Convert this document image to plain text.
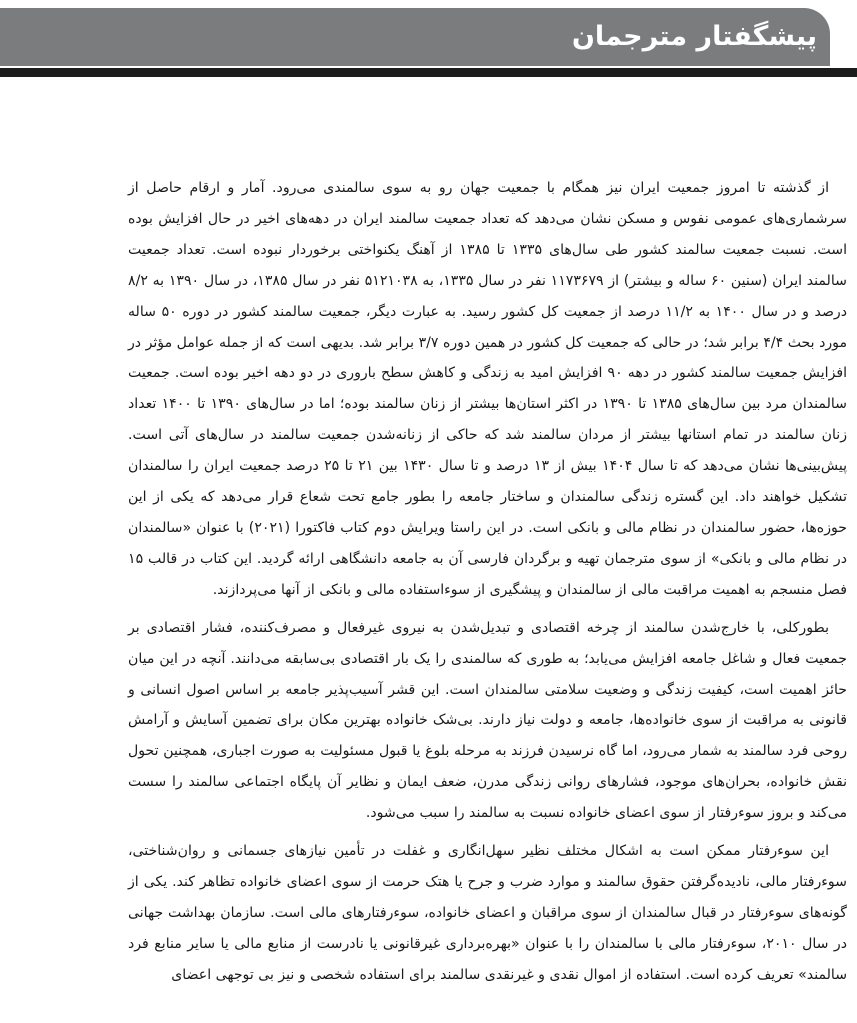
پیشگفتار مترجمان

از گذشته تا امروز جمعیت ایران نیز همگام با جمعیت جهان رو به سوی سالمندی می‌رود. آمار و ارقام حاصل از سرشماری‌های عمومی نفوس و مسکن نشان می‌دهد که تعداد جمعیت سالمند ایران در دهه‌های اخیر در حال افزایش بوده است. نسبت جمعیت سالمند کشور طی سال‌های ۱۳۳۵ تا ۱۳۸۵ از آهنگ یکنواختی برخوردار نبوده است. تعداد جمعیت سالمند ایران (سنین ۶۰ ساله و بیشتر) از ۱۱۷۳۶۷۹ نفر در سال ۱۳۳۵، به ۵۱۲۱۰۳۸ نفر در سال ۱۳۸۵، در سال ۱۳۹۰ به ۸/۲ درصد و در سال ۱۴۰۰ به ۱۱/۲ درصد از جمعیت کل کشور رسید. به عبارت دیگر، جمعیت سالمند کشور در دوره ۵۰ ساله مورد بحث ۴/۴ برابر شد؛ در حالی که جمعیت کل کشور در همین دوره ۳/۷ برابر شد. بدیهی است که از جمله عوامل مؤثر در افزایش جمعیت سالمند کشور در دهه ۹۰ افزایش امید به زندگی و کاهش سطح باروری در دو دهه اخیر بوده است. جمعیت سالمندان مرد بین سال‌های ۱۳۸۵ تا ۱۳۹۰ در اکثر استان‌ها بیشتر از زنان سالمند بوده؛ اما در سال‌های ۱۳۹۰ تا ۱۴۰۰ تعداد زنان سالمند در تمام استانها بیشتر از مردان سالمند شد که حاکی از زنانه‌شدن جمعیت سالمند در سال‌های آتی است. پیش‌بینی‌ها نشان می‌دهد که تا سال ۱۴۰۴ بیش از ۱۳ درصد و تا سال ۱۴۳۰ بین ۲۱ تا ۲۵ درصد جمعیت ایران را سالمندان تشکیل خواهند داد. این گستره زندگی سالمندان و ساختار جامعه را بطور جامع تحت شعاع قرار می‌دهد که یکی از این حوزه‌ها، حضور سالمندان در نظام مالی و بانکی است. در این راستا ویرایش دوم کتاب فاکتورا (۲۰۲۱) با عنوان «سالمندان در نظام مالی و بانکی» از سوی مترجمان تهیه و برگردان فارسی آن به جامعه دانشگاهی ارائه گردید. این کتاب در قالب ۱۵ فصل منسجم به اهمیت مراقبت مالی از سالمندان و پیشگیری از سوءاستفاده مالی و بانکی از آنها می‌پردازند.

بطورکلی، با خارج‌شدن سالمند از چرخه اقتصادی و تبدیل‌شدن به نیروی غیرفعال و مصرف‌کننده، فشار اقتصادی بر جمعیت فعال و شاغل جامعه افزایش می‌یابد؛ به طوری که سالمندی را یک بار اقتصادی بی‌سابقه می‌دانند. آنچه در این میان حائز اهمیت است، کیفیت زندگی و وضعیت سلامتی سالمندان است. این قشر آسیب‌پذیر جامعه بر اساس اصول انسانی و قانونی به مراقبت از سوی خانواده‌ها، جامعه و دولت نیاز دارند. بی‌شک خانواده بهترین مکان برای تضمین آسایش و آرامش روحی فرد سالمند به شمار می‌رود، اما گاه نرسیدن فرزند به مرحله بلوغ یا قبول مسئولیت به صورت اجباری، همچنین تحول نقش خانواده، بحران‌های موجود، فشارهای روانی زندگی مدرن، ضعف ایمان و نظایر آن پایگاه اجتماعی سالمند را سست می‌کند و بروز سوءرفتار از سوی اعضای خانواده نسبت به سالمند را سبب می‌شود.

این سوءرفتار ممکن است به اشکال مختلف نظیر سهل‌انگاری و غفلت در تأمین نیازهای جسمانی و روان‌شناختی، سوءرفتار مالی، نادیده‌گرفتن حقوق سالمند و موارد ضرب و جرح یا هتک حرمت از سوی اعضای خانواده تظاهر کند. یکی از گونه‌های سوءرفتار در قبال سالمندان از سوی مراقبان و اعضای خانواده، سوءرفتارهای مالی است. سازمان بهداشت جهانی در سال ۲۰۱۰، سوءرفتار مالی با سالمندان را با عنوان «بهره‌برداری غیرقانونی یا نادرست از منابع مالی یا سایر منابع فرد سالمند» تعریف کرده است. استفاده از اموال نقدی و غیرنقدی سالمند برای استفاده شخصی و نیز بی توجهی اعضای
